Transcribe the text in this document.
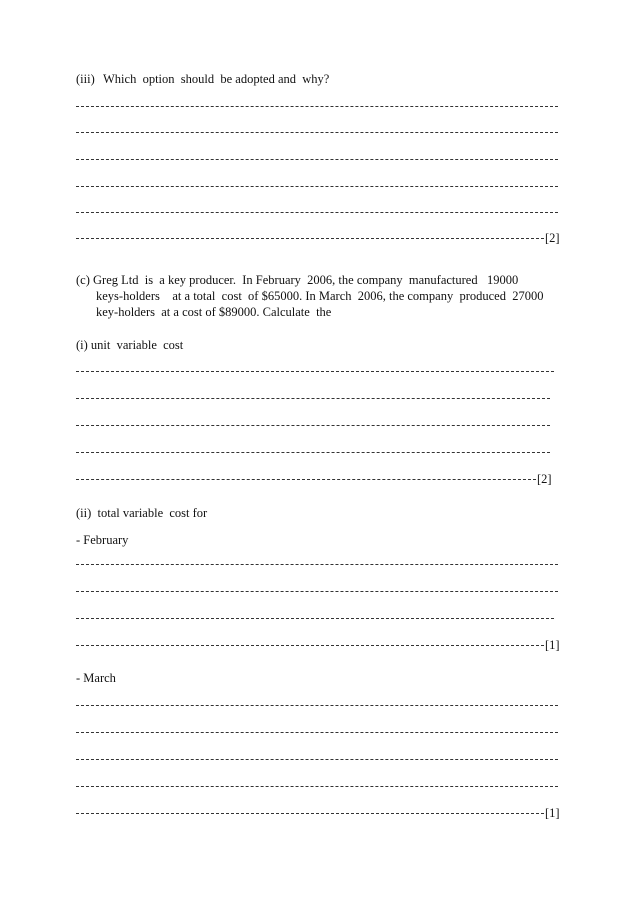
(iii) Which  option  should  be adopted and  why?
[2]
(c) Greg Ltd  is  a key producer.  In February  2006, the company  manufactured   19000
keys-holders    at a total  cost  of $65000. In March  2006, the company  produced  27000
key-holders  at a cost of $89000. Calculate  the
(i) unit  variable  cost
[2]
(ii)  total variable  cost for
- February
[1]
- March
[1]
